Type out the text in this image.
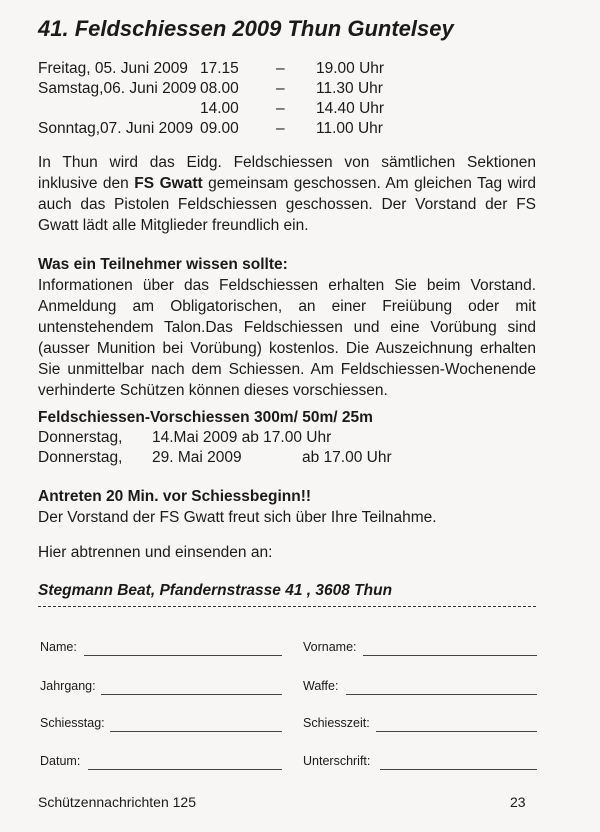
41. Feldschiessen 2009 Thun Guntelsey
Freitag, 05. Juni 2009 17.15 – 19.00 Uhr
Samstag,06. Juni 2009 08.00 – 11.30 Uhr
14.00 – 14.40 Uhr
Sonntag,07. Juni 2009 09.00 – 11.00 Uhr

In Thun wird das Eidg. Feldschiessen von sämtlichen Sektionen inklusive den FS Gwatt gemeinsam geschossen. Am gleichen Tag wird auch das Pistolen Feldschiessen geschossen. Der Vorstand der FS Gwatt lädt alle Mitglieder freundlich ein.

Was ein Teilnehmer wissen sollte:

Informationen über das Feldschiessen erhalten Sie beim Vorstand. Anmeldung am Obligatorischen, an einer Freiübung oder mit untenstehendem Talon.Das Feldschiessen und eine Vorübung sind (ausser Munition bei Vorübung) kostenlos. Die Auszeichnung erhalten Sie unmittelbar nach dem Schiessen. Am Feldschiessen-Wochenende verhinderte Schützen können dieses vorschiessen.

Feldschiessen-Vorschiessen 300m/ 50m/ 25m
Donnerstag, 14.Mai 2009 ab 17.00 Uhr
Donnerstag, 29. Mai 2009	ab 17.00 Uhr

Antreten 20 Min. vor Schiessbeginn!!

Der Vorstand der FS Gwatt freut sich über Ihre Teilnahme.

Hier abtrennen und einsenden an:

Stegmann Beat, Pfandernstrasse 41 , 3608 Thun
Name:	Vorname:
Jahrgang:	Waffe:
Schiesstag:	Schiesszeit:
Datum:	Unterschrift:
Schützennachrichten 125	23
